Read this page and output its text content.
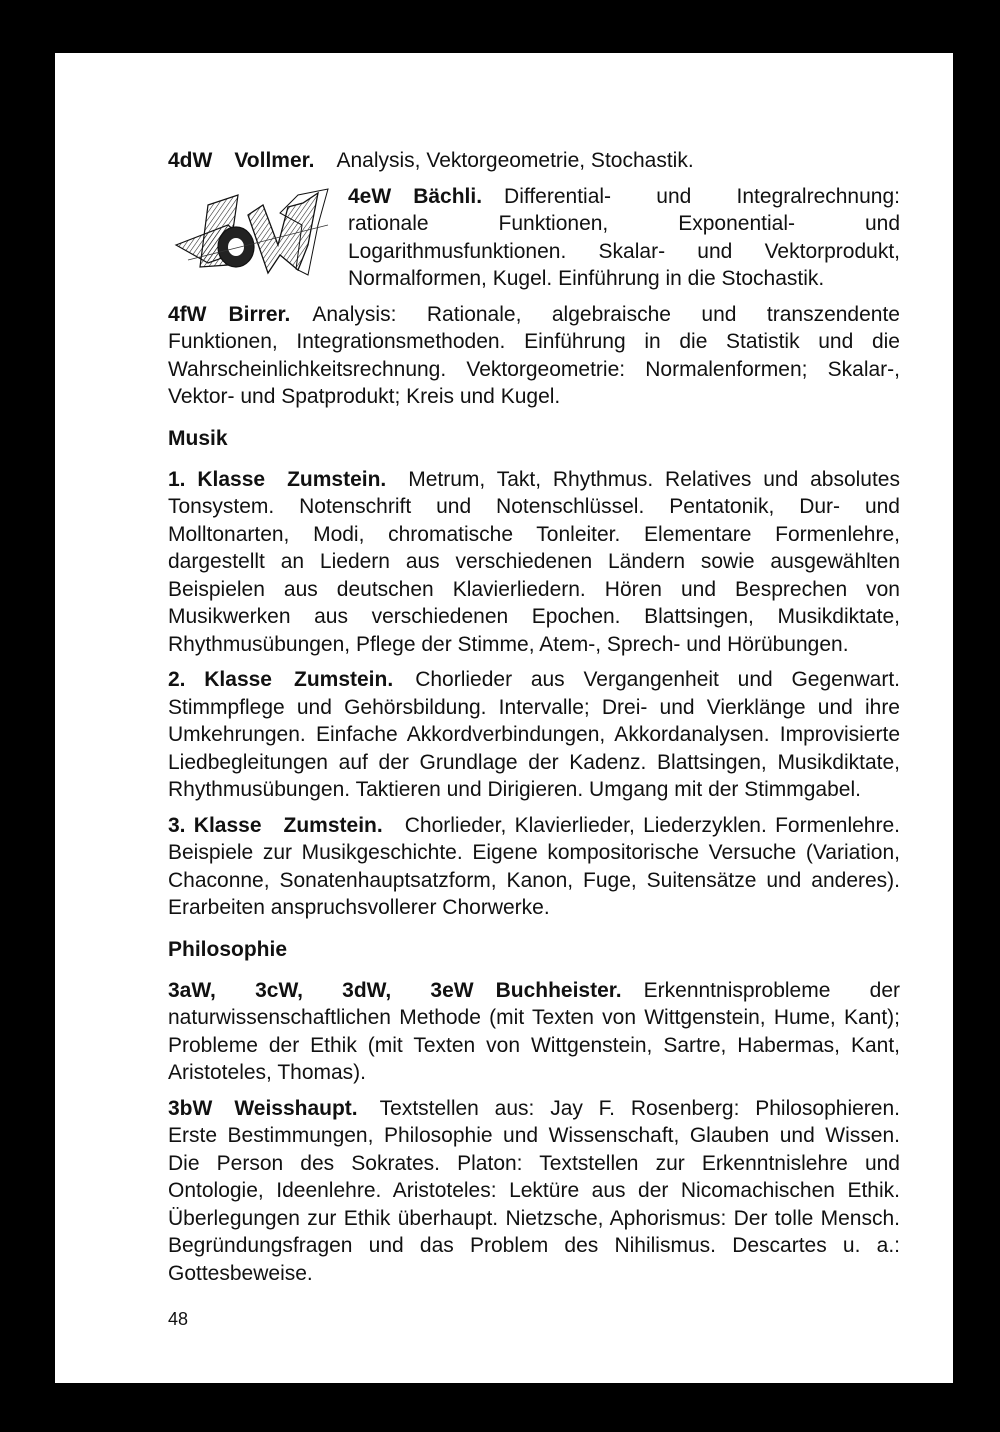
4dW Vollmer. Analysis, Vektorgeometrie, Stochastik.

4eW Bächli. Differential- und Integralrechnung: rationale Funktionen, Exponential- und Logarithmusfunktionen. Skalar- und Vektorprodukt, Normalformen, Kugel. Einführung in die Stochastik.

4fW Birrer. Analysis: Rationale, algebraische und transzendente Funktionen, Integrationsmethoden. Einführung in die Statistik und die Wahrscheinlichkeitsrechnung. Vektorgeometrie: Normalenformen; Skalar-, Vektor- und Spatprodukt; Kreis und Kugel.

Musik

1. Klasse Zumstein. Metrum, Takt, Rhythmus. Relatives und absolutes Tonsystem. Notenschrift und Notenschlüssel. Pentatonik, Dur- und Molltonarten, Modi, chromatische Tonleiter. Elementare Formenlehre, dargestellt an Liedern aus verschiedenen Ländern sowie ausgewählten Beispielen aus deutschen Klavierliedern. Hören und Besprechen von Musikwerken aus verschiedenen Epochen. Blattsingen, Musikdiktate, Rhythmusübungen, Pflege der Stimme, Atem-, Sprech- und Hörübungen.

2. Klasse Zumstein. Chorlieder aus Vergangenheit und Gegenwart. Stimmpflege und Gehörsbildung. Intervalle; Drei- und Vierklänge und ihre Umkehrungen. Einfache Akkordverbindungen, Akkordanalysen. Improvisierte Liedbegleitungen auf der Grundlage der Kadenz. Blattsingen, Musikdiktate, Rhythmusübungen. Taktieren und Dirigieren. Umgang mit der Stimmgabel.

3. Klasse Zumstein. Chorlieder, Klavierlieder, Liederzyklen. Formenlehre. Beispiele zur Musikgeschichte. Eigene kompositorische Versuche (Variation, Chaconne, Sonatenhauptsatzform, Kanon, Fuge, Suitensätze und anderes). Erarbeiten anspruchsvollerer Chorwerke.

Philosophie

3aW, 3cW, 3dW, 3eW Buchheister. Erkenntnisprobleme der naturwissenschaftlichen Methode (mit Texten von Wittgenstein, Hume, Kant); Probleme der Ethik (mit Texten von Wittgenstein, Sartre, Habermas, Kant, Aristoteles, Thomas).

3bW Weisshaupt. Textstellen aus: Jay F. Rosenberg: Philosophieren. Erste Bestimmungen, Philosophie und Wissenschaft, Glauben und Wissen. Die Person des Sokrates. Platon: Textstellen zur Erkenntnislehre und Ontologie, Ideenlehre. Aristoteles: Lektüre aus der Nicomachischen Ethik. Überlegungen zur Ethik überhaupt. Nietzsche, Aphorismus: Der tolle Mensch. Begründungsfragen und das Problem des Nihilismus. Descartes u. a.: Gottesbeweise.

48
